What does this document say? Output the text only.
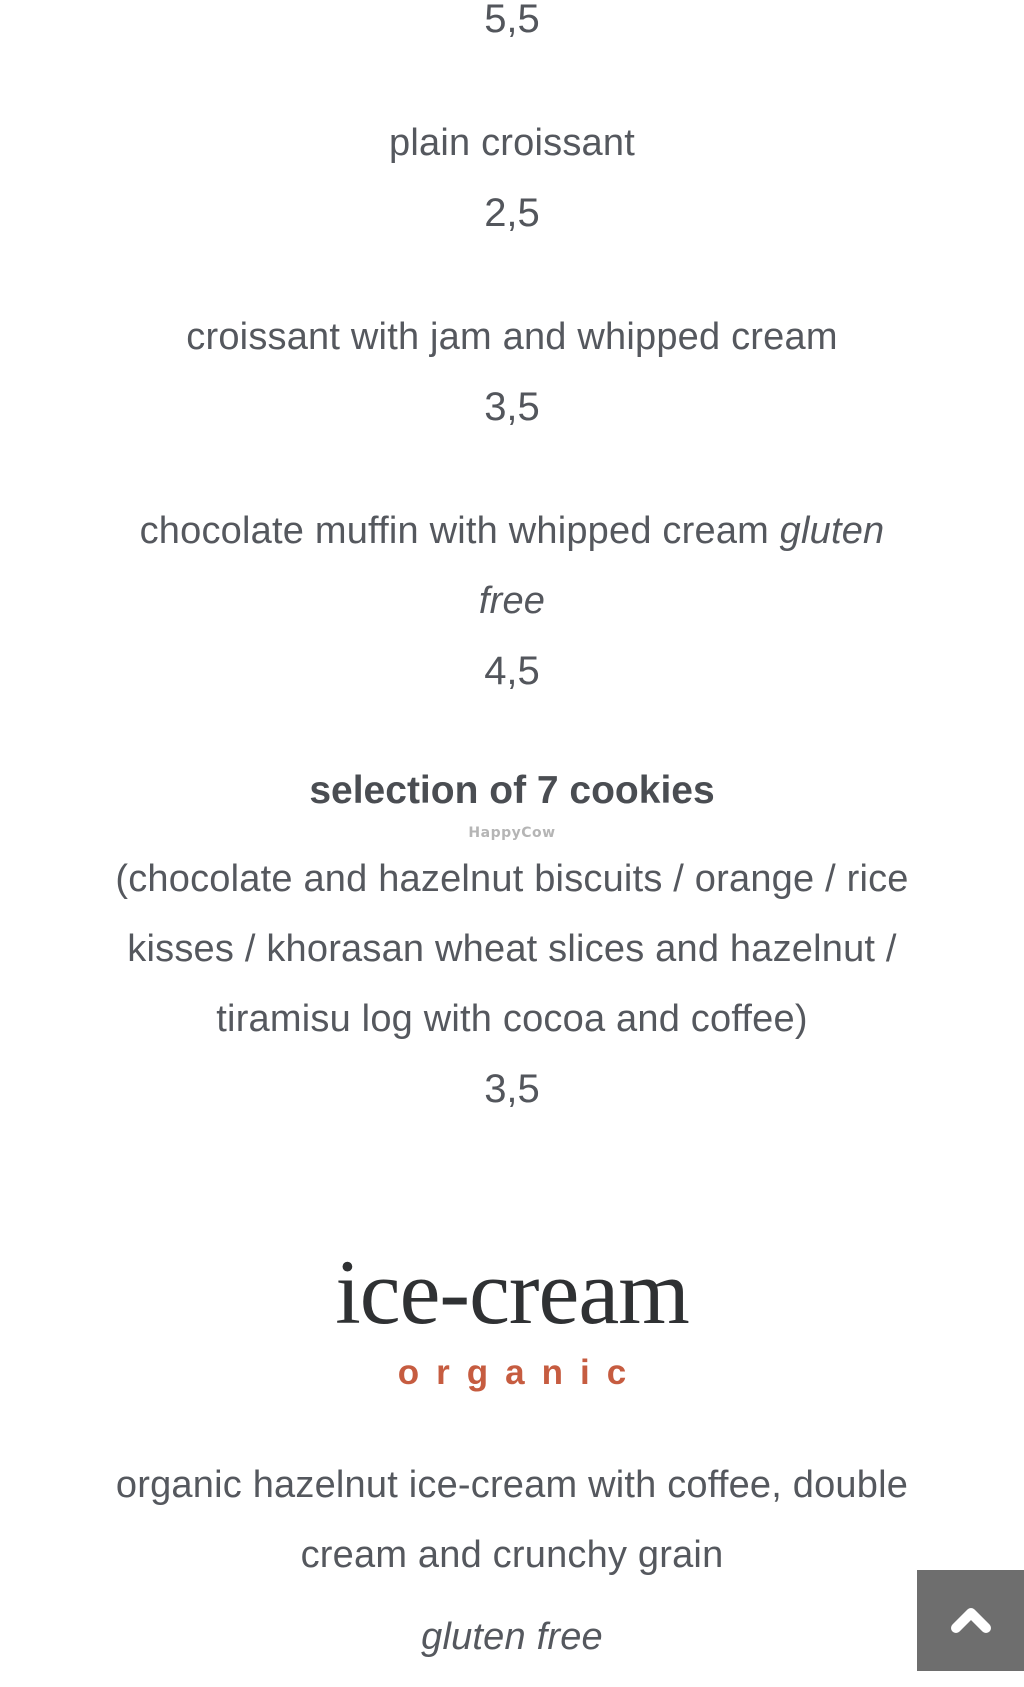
5,5
plain croissant
2,5
croissant with jam and whipped cream
3,5
chocolate muffin with whipped cream gluten
free
4,5
selection of 7 cookies
HappyCow
(chocolate and hazelnut biscuits / orange / rice
kisses / khorasan wheat slices and hazelnut /
tiramisu log with cocoa and coffee)
3,5
ice-cream
organic
organic hazelnut ice-cream with coffee, double
cream and crunchy grain
gluten free
